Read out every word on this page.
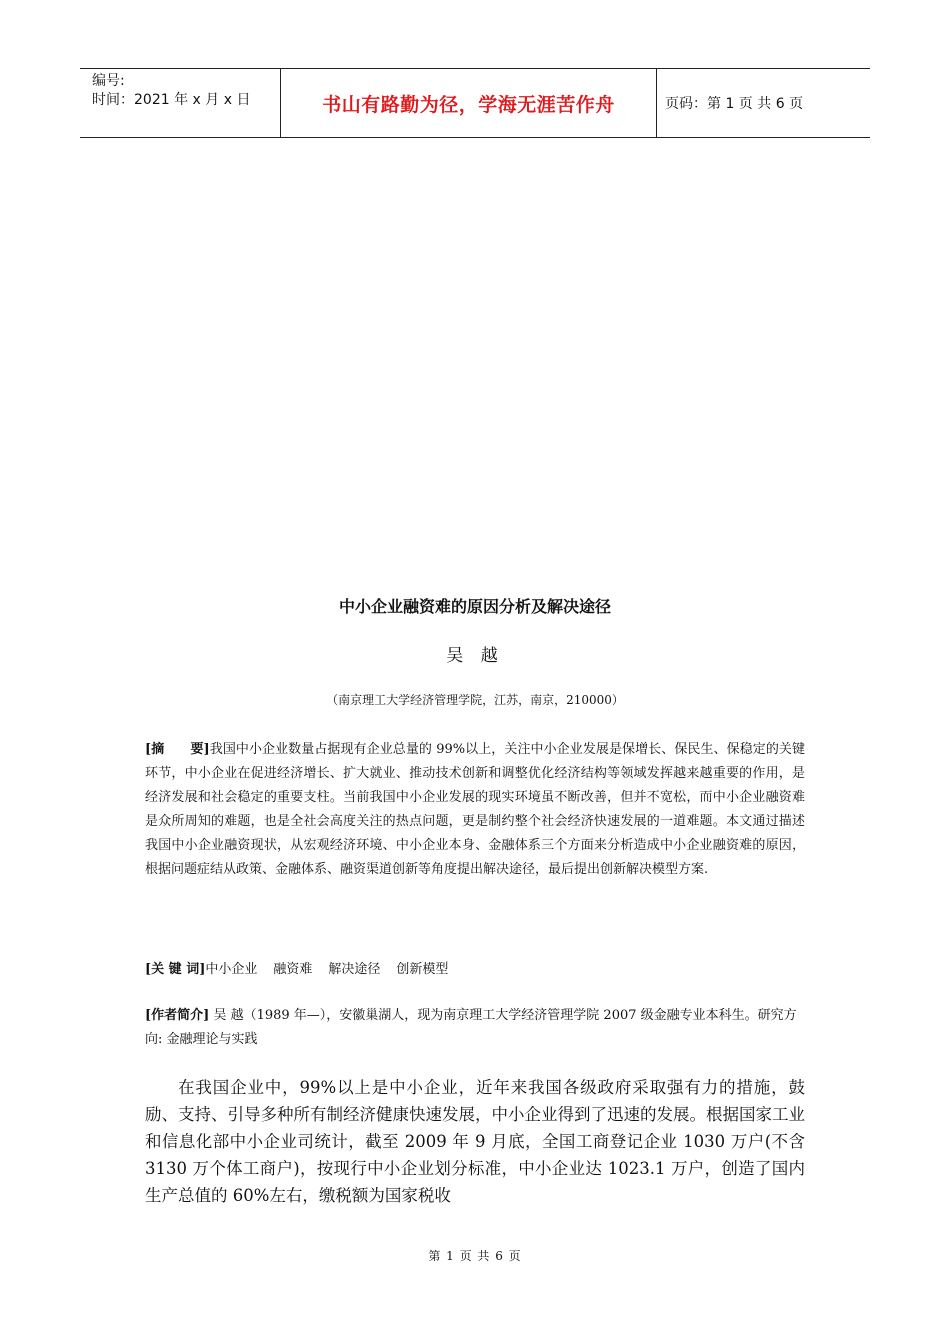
编号:
时间：2021 年 x 月 x 日	书山有路勤为径，学海无涯苦作舟	页码：第 1 页 共 6 页
中小企业融资难的原因分析及解决途径
吴 越
（南京理工大学经济管理学院，江苏，南京，210000）
[摘　　要]我国中小企业数量占据现有企业总量的 99%以上，关注中小企业发展是保增长、保民生、保稳定的关键环节，中小企业在促进经济增长、扩大就业、推动技术创新和调整优化经济结构等领域发挥越来越重要的作用，是经济发展和社会稳定的重要支柱。当前我国中小企业发展的现实环境虽不断改善，但并不宽松，而中小企业融资难是众所周知的难题，也是全社会高度关注的热点问题，更是制约整个社会经济快速发展的一道难题。本文通过描述我国中小企业融资现状，从宏观经济环境、中小企业本身、金融体系三个方面来分析造成中小企业融资难的原因，根据问题症结从政策、金融体系、融资渠道创新等角度提出解决途径，最后提出创新解决模型方案.
[关 键 词]中小企业 融资难 解决途径 创新模型
[作者简介] 吴 越（1989 年—），安徽巢湖人，现为南京理工大学经济管理学院 2007 级金融专业本科生。研究方向: 金融理论与实践
在我国企业中，99%以上是中小企业，近年来我国各级政府采取强有力的措施，鼓励、支持、引导多种所有制经济健康快速发展，中小企业得到了迅速的发展。根据国家工业和信息化部中小企业司统计，截至 2009 年 9 月底，全国工商登记企业 1030 万户(不含 3130 万个体工商户)，按现行中小企业划分标准，中小企业达 1023.1 万户，创造了国内生产总值的 60%左右，缴税额为国家税收
第 1 页 共 6 页
